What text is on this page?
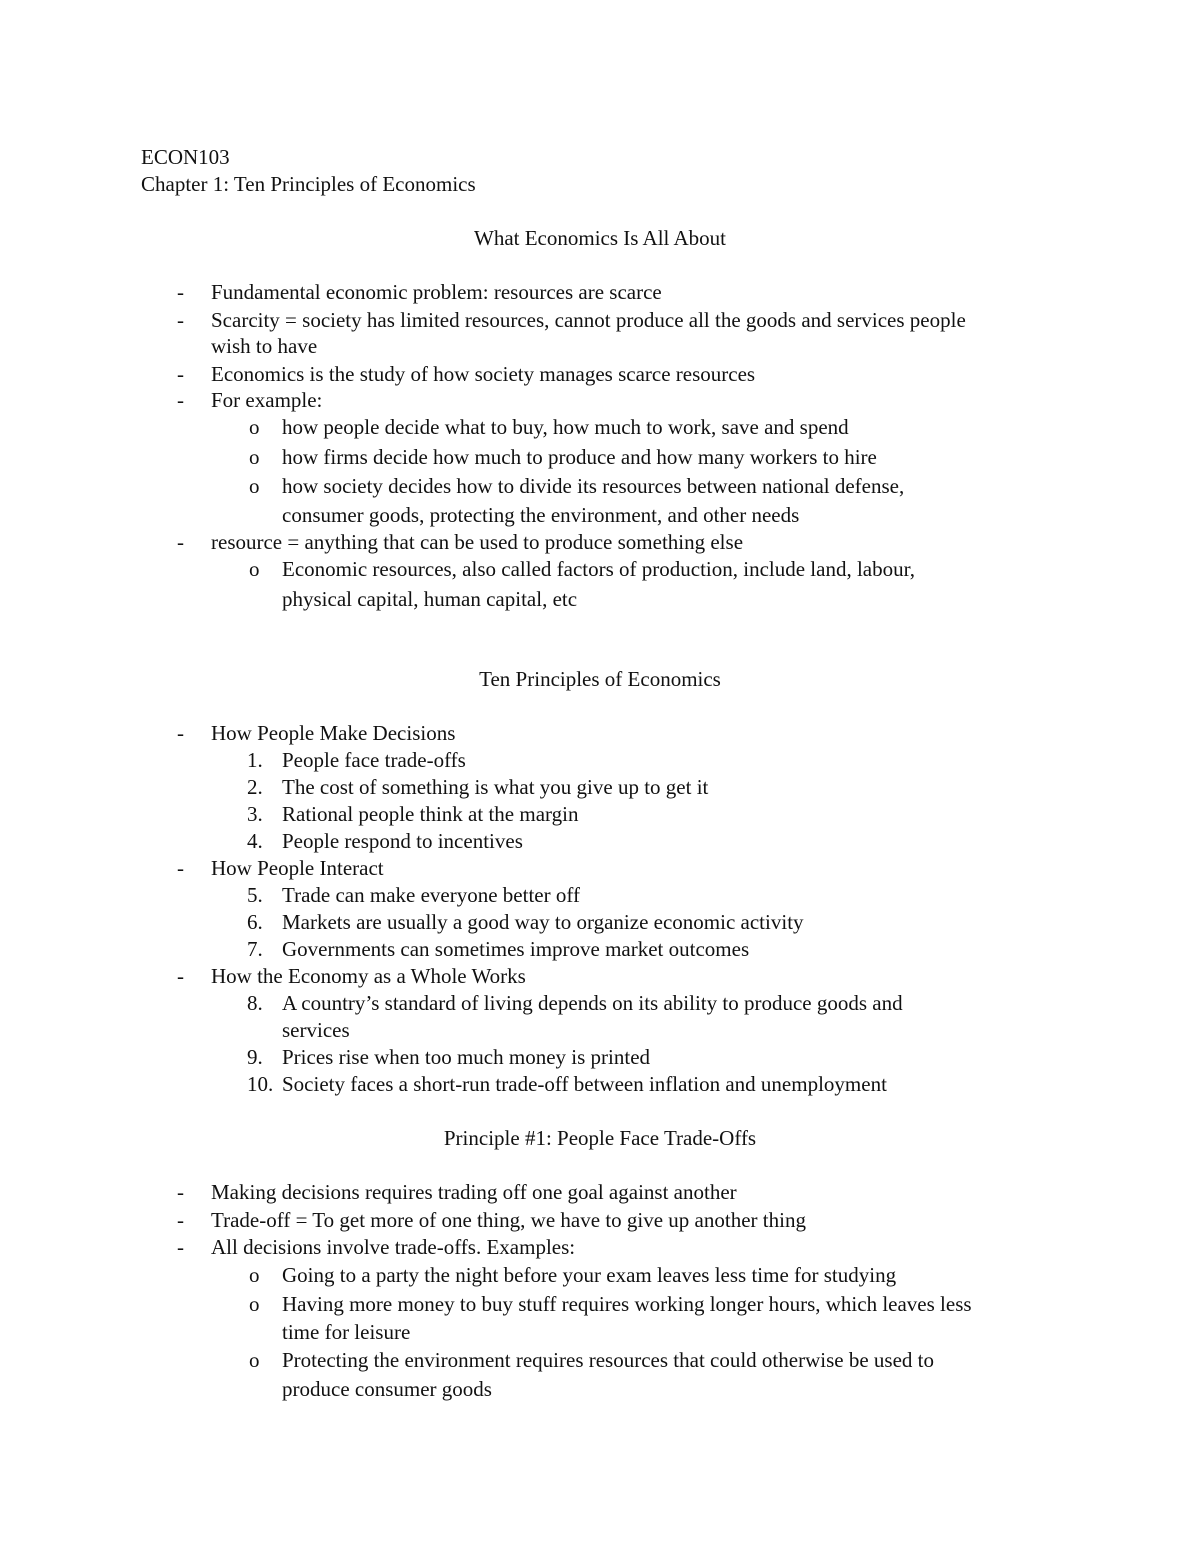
ECON103
Chapter 1: Ten Principles of Economics
What Economics Is All About
- Fundamental economic problem: resources are scarce
- Scarcity = society has limited resources, cannot produce all the goods and services people
wish to have
- Economics is the study of how society manages scarce resources
- For example:
o how people decide what to buy, how much to work, save and spend
o how firms decide how much to produce and how many workers to hire
o how society decides how to divide its resources between national defense,
consumer goods, protecting the environment, and other needs
- resource = anything that can be used to produce something else
o Economic resources, also called factors of production, include land, labour,
physical capital, human capital, etc
Ten Principles of Economics
- How People Make Decisions
1. People face trade-offs
2. The cost of something is what you give up to get it
3. Rational people think at the margin
4. People respond to incentives
- How People Interact
5. Trade can make everyone better off
6. Markets are usually a good way to organize economic activity
7. Governments can sometimes improve market outcomes
- How the Economy as a Whole Works
8. A country’s standard of living depends on its ability to produce goods and
services
9. Prices rise when too much money is printed
10. Society faces a short-run trade-off between inflation and unemployment
Principle #1: People Face Trade-Offs
- Making decisions requires trading off one goal against another
- Trade-off = To get more of one thing, we have to give up another thing
- All decisions involve trade-offs. Examples:
o Going to a party the night before your exam leaves less time for studying
o Having more money to buy stuff requires working longer hours, which leaves less
time for leisure
o Protecting the environment requires resources that could otherwise be used to
produce consumer goods
